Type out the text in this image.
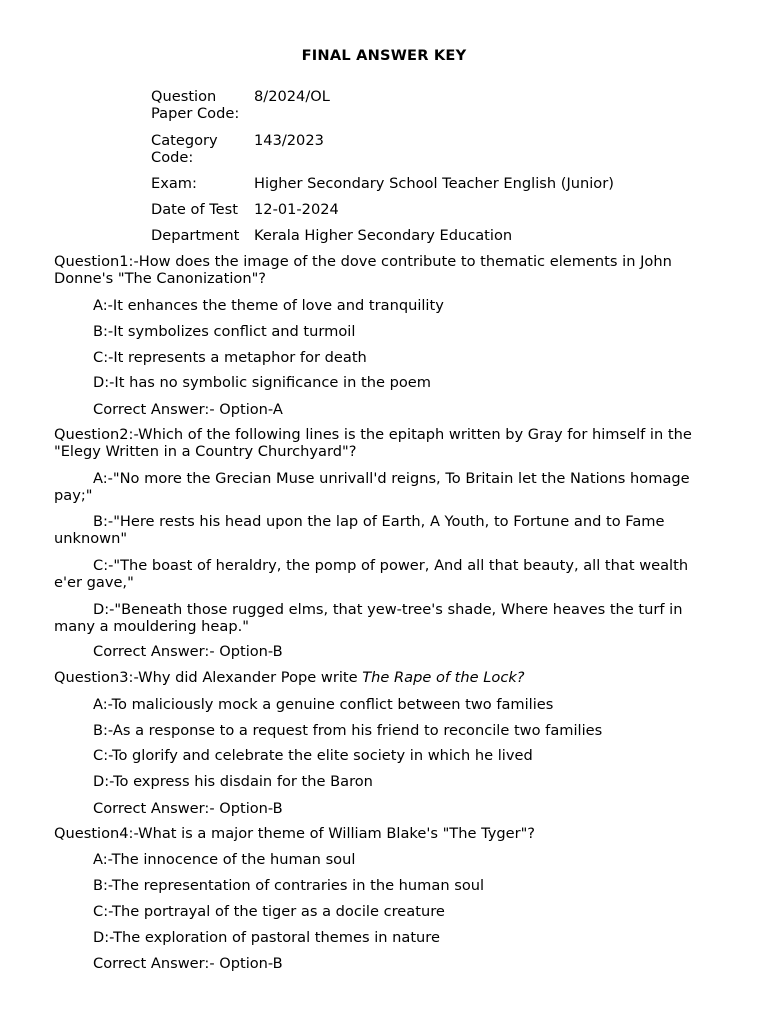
FINAL ANSWER KEY
Question Paper Code:	8/2024/OL
Category Code:	143/2023
Exam:	Higher Secondary School Teacher English (Junior)
Date of Test	12-01-2024
Department	Kerala Higher Secondary Education
Question1:-How does the image of the dove contribute to thematic elements in John Donne's "The Canonization"?
A:-It enhances the theme of love and tranquility
B:-It symbolizes conflict and turmoil
C:-It represents a metaphor for death
D:-It has no symbolic significance in the poem
Correct Answer:- Option-A
Question2:-Which of the following lines is the epitaph written by Gray for himself in the "Elegy Written in a Country Churchyard"?
A:-"No more the Grecian Muse unrivall'd reigns, To Britain let the Nations homage pay;"
B:-"Here rests his head upon the lap of Earth, A Youth, to Fortune and to Fame unknown"
C:-"The boast of heraldry, the pomp of power, And all that beauty, all that wealth e'er gave,"
D:-"Beneath those rugged elms, that yew-tree's shade, Where heaves the turf in many a mouldering heap."
Correct Answer:- Option-B
Question3:-Why did Alexander Pope write The Rape of the Lock?
A:-To maliciously mock a genuine conflict between two families
B:-As a response to a request from his friend to reconcile two families
C:-To glorify and celebrate the elite society in which he lived
D:-To express his disdain for the Baron
Correct Answer:- Option-B
Question4:-What is a major theme of William Blake's "The Tyger"?
A:-The innocence of the human soul
B:-The representation of contraries in the human soul
C:-The portrayal of the tiger as a docile creature
D:-The exploration of pastoral themes in nature
Correct Answer:- Option-B
